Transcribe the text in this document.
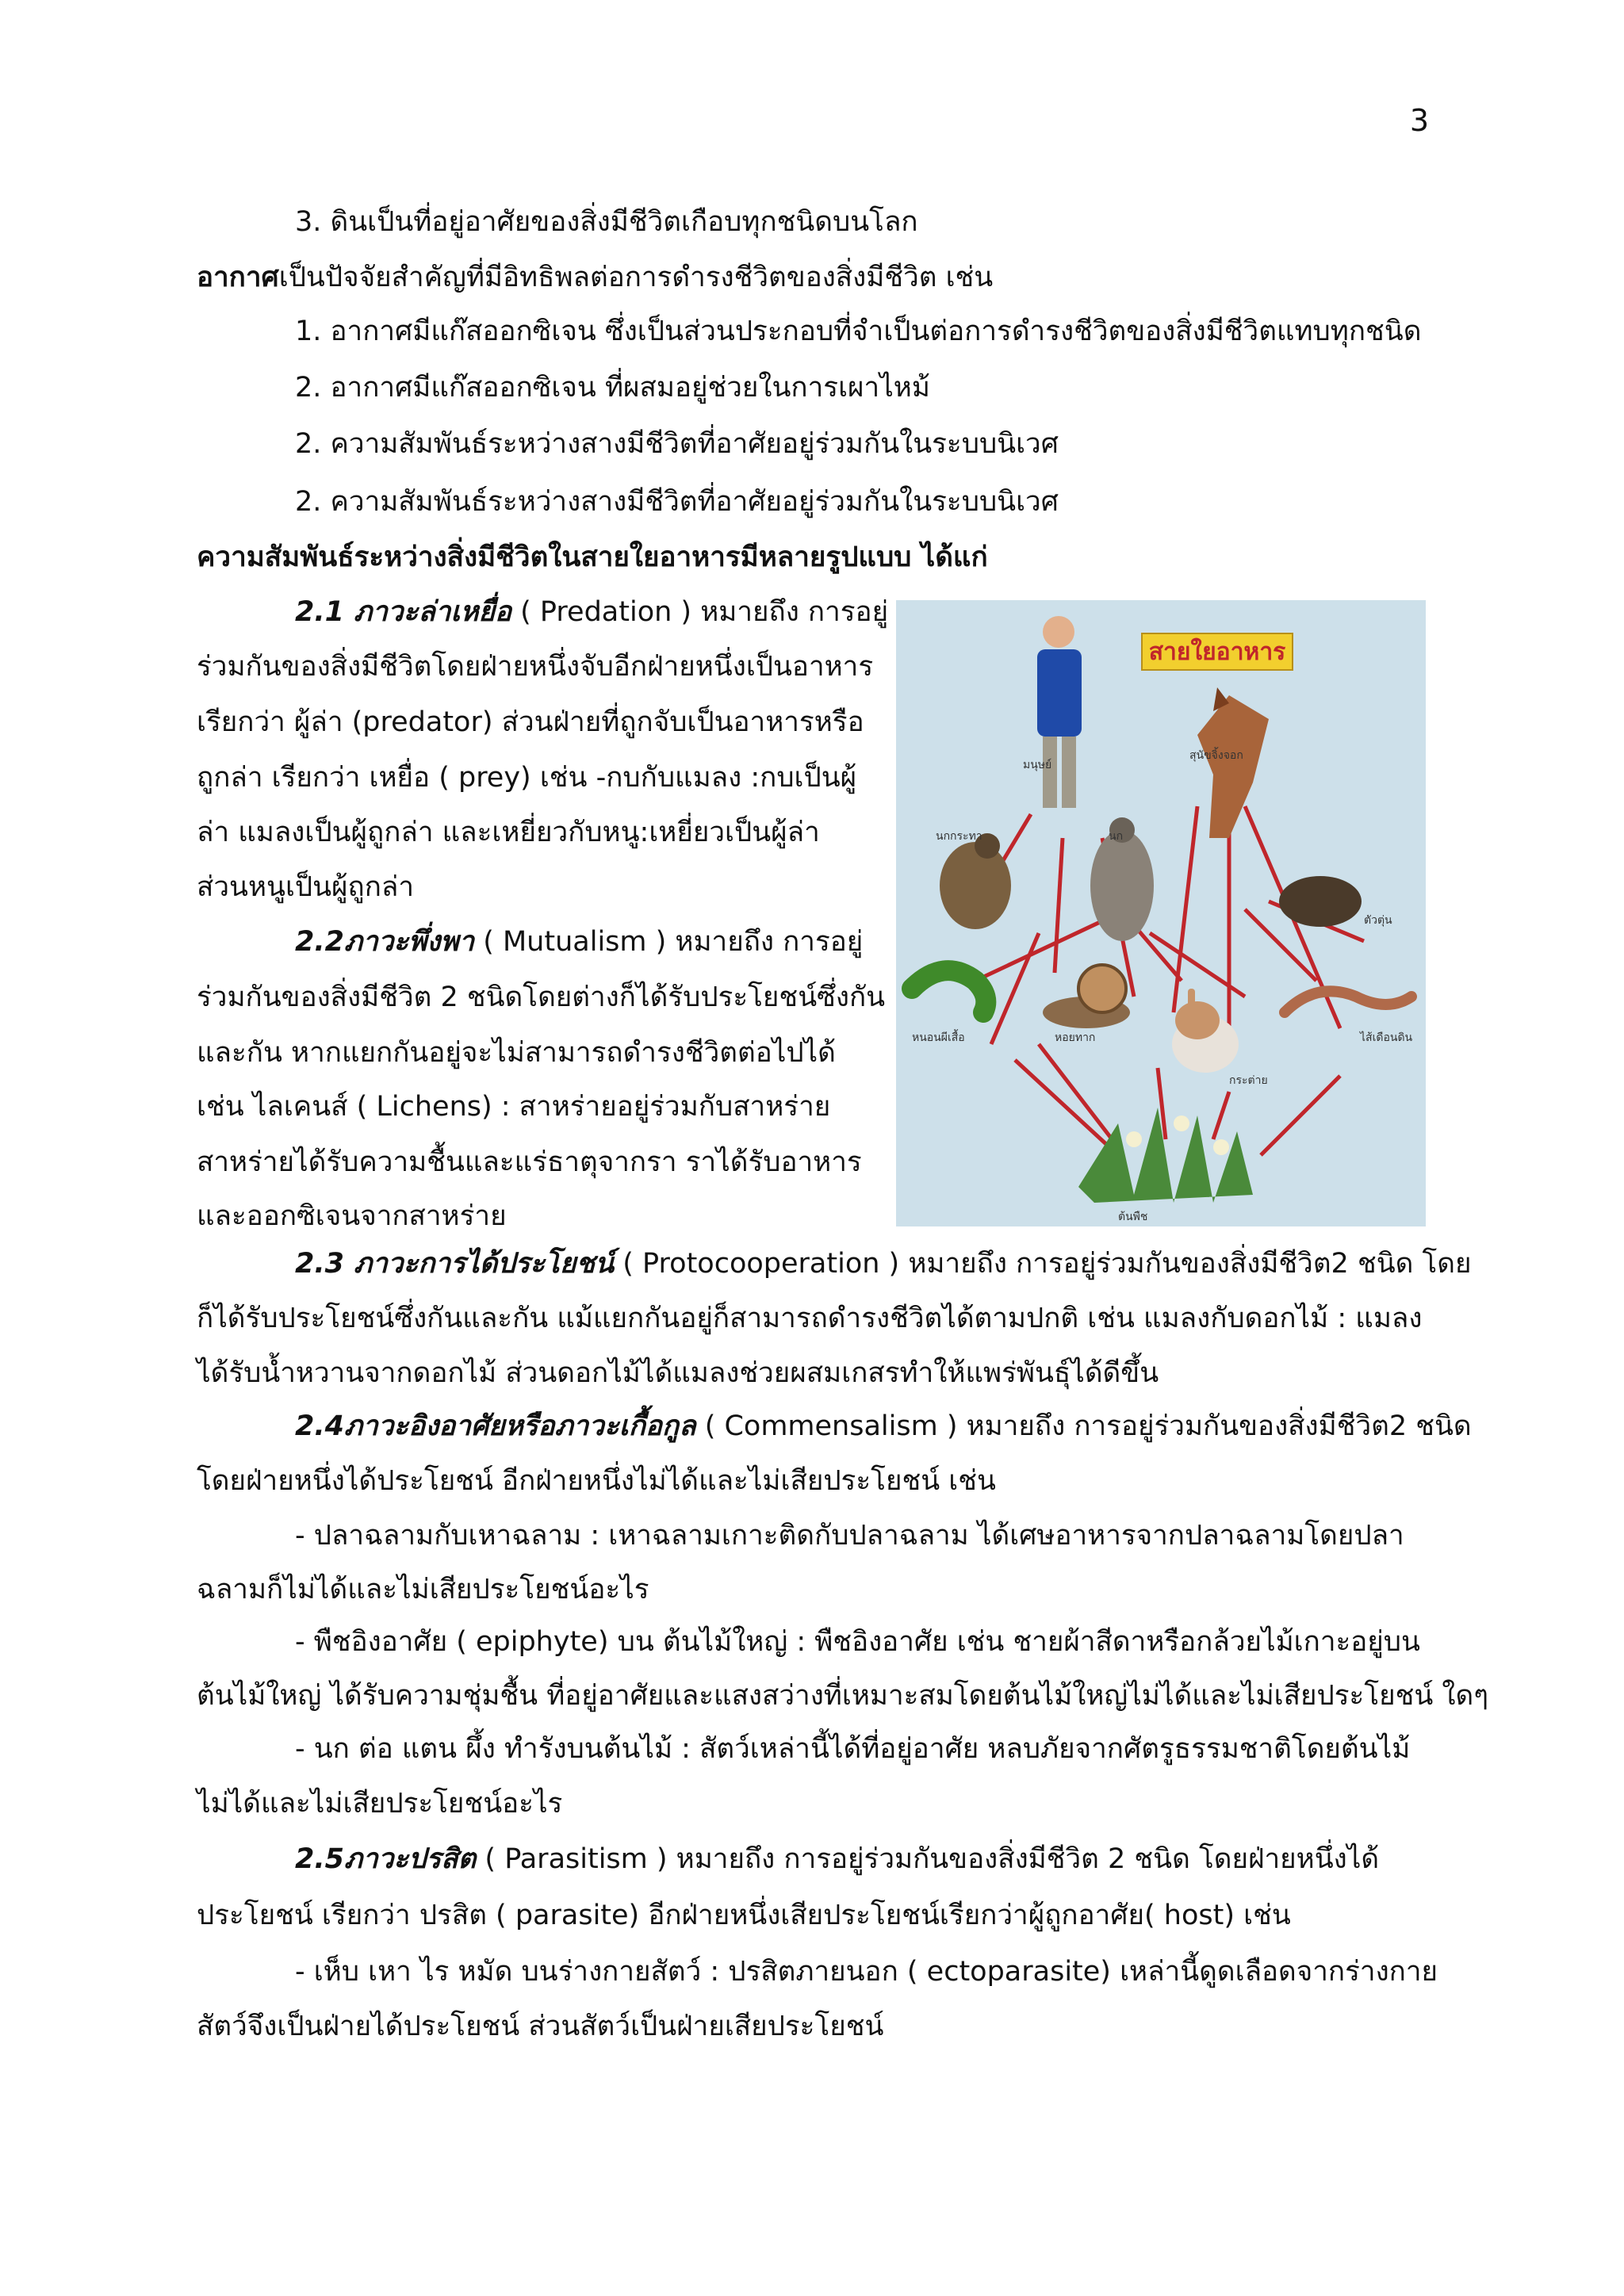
3
3. ดินเป็นที่อยู่อาศัยของสิ่งมีชีวิตเกือบทุกชนิดบนโลก
อากาศเป็นปัจจัยสำคัญที่มีอิทธิพลต่อการดำรงชีวิตของสิ่งมีชีวิต เช่น
1. อากาศมีแก๊สออกซิเจน ซึ่งเป็นส่วนประกอบที่จำเป็นต่อการดำรงชีวิตของสิ่งมีชีวิตแทบทุกชนิด
2. อากาศมีแก๊สออกซิเจน ที่ผสมอยู่ช่วยในการเผาไหม้
2. ความสัมพันธ์ระหว่างสางมีชีวิตที่อาศัยอยู่ร่วมกันในระบบนิเวศ
2. ความสัมพันธ์ระหว่างสางมีชีวิตที่อาศัยอยู่ร่วมกันในระบบนิเวศ
ความสัมพันธ์ระหว่างสิ่งมีชีวิตในสายใยอาหารมีหลายรูปแบบ ได้แก่
2.1 ภาวะล่าเหยื่อ ( Predation ) หมายถึง การอยู่
ร่วมกันของสิ่งมีชีวิตโดยฝ่ายหนึ่งจับอีกฝ่ายหนึ่งเป็นอาหาร
เรียกว่า ผู้ล่า (predator) ส่วนฝ่ายที่ถูกจับเป็นอาหารหรือ
ถูกล่า เรียกว่า เหยื่อ ( prey) เช่น -กบกับแมลง :กบเป็นผู้
ล่า แมลงเป็นผู้ถูกล่า และเหยี่ยวกับหนู:เหยี่ยวเป็นผู้ล่า
ส่วนหนูเป็นผู้ถูกล่า
2.2ภาวะพึ่งพา ( Mutualism ) หมายถึง การอยู่
ร่วมกันของสิ่งมีชีวิต 2 ชนิดโดยต่างก็ได้รับประโยชน์ซึ่งกัน
และกัน หากแยกกันอยู่จะไม่สามารถดำรงชีวิตต่อไปได้
เช่น ไลเคนส์ ( Lichens) : สาหร่ายอยู่ร่วมกับสาหร่าย
สาหร่ายได้รับความชื้นและแร่ธาตุจากรา ราได้รับอาหาร
และออกซิเจนจากสาหร่าย
2.3 ภาวะการได้ประโยชน์ ( Protocooperation ) หมายถึง การอยู่ร่วมกันของสิ่งมีชีวิต2 ชนิด โดย
ก็ได้รับประโยชน์ซึ่งกันและกัน แม้แยกกันอยู่ก็สามารถดำรงชีวิตได้ตามปกติ เช่น แมลงกับดอกไม้ : แมลง
ได้รับน้ำหวานจากดอกไม้ ส่วนดอกไม้ได้แมลงช่วยผสมเกสรทำให้แพร่พันธุ์ได้ดีขึ้น
2.4ภาวะอิงอาศัยหรือภาวะเกื้อกูล ( Commensalism ) หมายถึง การอยู่ร่วมกันของสิ่งมีชีวิต2 ชนิด
โดยฝ่ายหนึ่งได้ประโยชน์ อีกฝ่ายหนึ่งไม่ได้และไม่เสียประโยชน์ เช่น
- ปลาฉลามกับเหาฉลาม : เหาฉลามเกาะติดกับปลาฉลาม ได้เศษอาหารจากปลาฉลามโดยปลา
ฉลามก็ไม่ได้และไม่เสียประโยชน์อะไร
- พืชอิงอาศัย ( epiphyte) บน ต้นไม้ใหญ่ : พืชอิงอาศัย เช่น ชายผ้าสีดาหรือกล้วยไม้เกาะอยู่บน
ต้นไม้ใหญ่ ได้รับความชุ่มชื้น ที่อยู่อาศัยและแสงสว่างที่เหมาะสมโดยต้นไม้ใหญ่ไม่ได้และไม่เสียประโยชน์ ใดๆ
- นก ต่อ แตน ผึ้ง ทำรังบนต้นไม้ : สัตว์เหล่านี้ได้ที่อยู่อาศัย หลบภัยจากศัตรูธรรมชาติโดยต้นไม้
ไม่ได้และไม่เสียประโยชน์อะไร
2.5ภาวะปรสิต ( Parasitism ) หมายถึง การอยู่ร่วมกันของสิ่งมีชีวิต 2 ชนิด โดยฝ่ายหนึ่งได้
ประโยชน์ เรียกว่า ปรสิต ( parasite) อีกฝ่ายหนึ่งเสียประโยชน์เรียกว่าผู้ถูกอาศัย( host) เช่น
- เห็บ เหา ไร หมัด บนร่างกายสัตว์ : ปรสิตภายนอก ( ectoparasite) เหล่านี้ดูดเลือดจากร่างกาย
สัตว์จึงเป็นฝ่ายได้ประโยชน์ ส่วนสัตว์เป็นฝ่ายเสียประโยชน์
สายใยอาหาร
มนุษย์
สุนัขจิ้งจอก
นกกระทา	นก
ตัวตุ่น
หนอนผีเสื้อ	หอยทาก
กระต่าย
ไส้เดือนดิน
ต้นพืช
